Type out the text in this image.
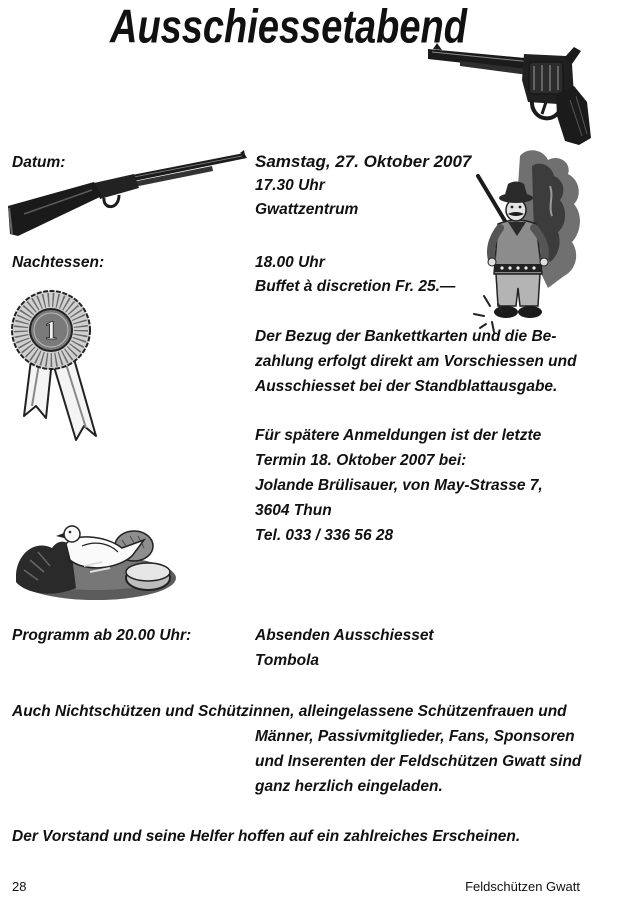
Ausschiessetabend
Datum:	Samstag, 27. Oktober 2007
17.30 Uhr
Gwattzentrum
Nachtessen:	18.00 Uhr
Buffet à discretion Fr. 25.—
1	Der Bezug der Bankettkarten und die Be-
zahlung erfolgt direkt am Vorschiessen und
Ausschiesset bei der Standblattausgabe.
Für spätere Anmeldungen ist der letzte
Termin 18. Oktober 2007 bei:
Jolande Brülisauer, von May-Strasse 7,
3604 Thun
Tel. 033 / 336 56 28
Programm ab 20.00 Uhr:	Absenden Ausschiesset
Tombola
Auch Nichtschützen und Schützinnen, alleingelassene Schützenfrauen und
Männer, Passivmitglieder, Fans, Sponsoren
und Inserenten der Feldschützen Gwatt sind
ganz herzlich eingeladen.
Der Vorstand und seine Helfer hoffen auf ein zahlreiches Erscheinen.
28	Feldschützen Gwatt
